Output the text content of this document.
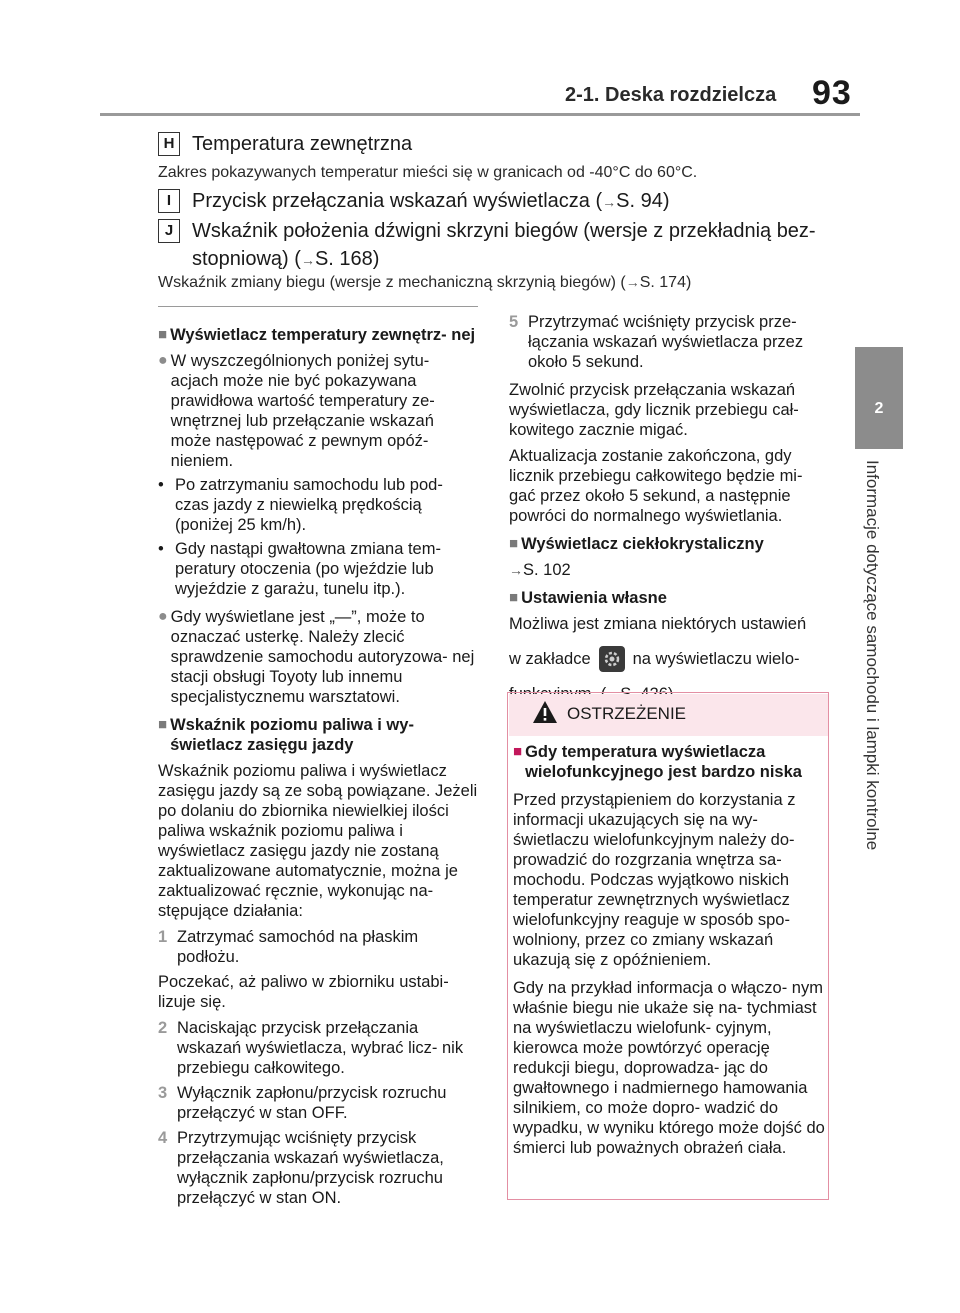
2-1. Deska rozdzielcza 93
2
Informacje dotyczące samochodu i lampki kontrolne
H Temperatura zewnętrzna
Zakres pokazywanych temperatur mieści się w granicach od -40°C do 60°C.
I Przycisk przełączania wskazań wyświetlacza (→S. 94)
J Wskaźnik położenia dźwigni skrzyni biegów (wersje z przekładnią bez-
stopniową) (→S. 168)
Wskaźnik zmiany biegu (wersje z mechaniczną skrzynią biegów) (→S. 174)
■ Wyświetlacz temperatury zewnętrz- nej
● W wyszczególnionych poniżej sytu- acjach może nie być pokazywana prawidłowa wartość temperatury ze- wnętrznej lub przełączanie wskazań może następować z pewnym opóź- nieniem.
• Po zatrzymaniu samochodu lub pod- czas jazdy z niewielką prędkością (poniżej 25 km/h).
• Gdy nastąpi gwałtowna zmiana tem- peratury otoczenia (po wjeździe lub wyjeździe z garażu, tunelu itp.).
● Gdy wyświetlane jest „—”, może to oznaczać usterkę. Należy zlecić sprawdzenie samochodu autoryzowa- nej stacji obsługi Toyoty lub innemu specjalistycznemu warsztatowi.
■ Wskaźnik poziomu paliwa i wy- świetlacz zasięgu jazdy

Wskaźnik poziomu paliwa i wyświetlacz zasięgu jazdy są ze sobą powiązane. Jeżeli po dolaniu do zbiornika niewielkiej ilości paliwa wskaźnik poziomu paliwa i wyświetlacz zasięgu jazdy nie zostaną zaktualizowane automatycznie, można je zaktualizować ręcznie, wykonując na- stępujące działania:

1 Zatrzymać samochód na płaskim podłożu.

Poczekać, aż paliwo w zbiorniku ustabi- lizuje się.

2 Naciskając przycisk przełączania wskazań wyświetlacza, wybrać licz- nik przebiegu całkowitego.
3 Wyłącznik zapłonu/przycisk rozruchu przełączyć w stan OFF.
4 Przytrzymując wciśnięty przycisk przełączania wskazań wyświetlacza, wyłącznik zapłonu/przycisk rozruchu przełączyć w stan ON.
5 Przytrzymać wciśnięty przycisk prze- łączania wskazań wyświetlacza przez około 5 sekund.

Zwolnić przycisk przełączania wskazań wyświetlacza, gdy licznik przebiegu cał- kowitego zacznie migać.

Aktualizacja zostanie zakończona, gdy licznik przebiegu całkowitego będzie mi- gać przez około 5 sekund, a następnie powróci do normalnego wyświetlania.

■ Wyświetlacz ciekłokrystaliczny

→S. 102

■ Ustawienia własne

Możliwa jest zmiana niektórych ustawień

w zakładce	na wyświetlaczu wielo-

OSTRZEŻENIE
■ Gdy temperatura wyświetlacza wielofunkcyjnego jest bardzo niska

Przed przystąpieniem do korzystania z informacji ukazujących się na wy- świetlaczu wielofunkcyjnym należy do- prowadzić do rozgrzania wnętrza sa- mochodu. Podczas wyjątkowo niskich temperatur zewnętrznych wyświetlacz wielofunkcyjny reaguje w sposób spo- wolniony, przez co zmiany wskazań ukazują się z opóźnieniem.

Gdy na przykład informacja o włączo- nym właśnie biegu nie ukaże się na- tychmiast na wyświetlaczu wielofunk- cyjnym, kierowca może powtórzyć operację redukcji biegu, doprowadza- jąc do gwałtownego i nadmiernego hamowania silnikiem, co może dopro- wadzić do wypadku, w wyniku którego może dojść do śmierci lub poważnych obrażeń ciała.
